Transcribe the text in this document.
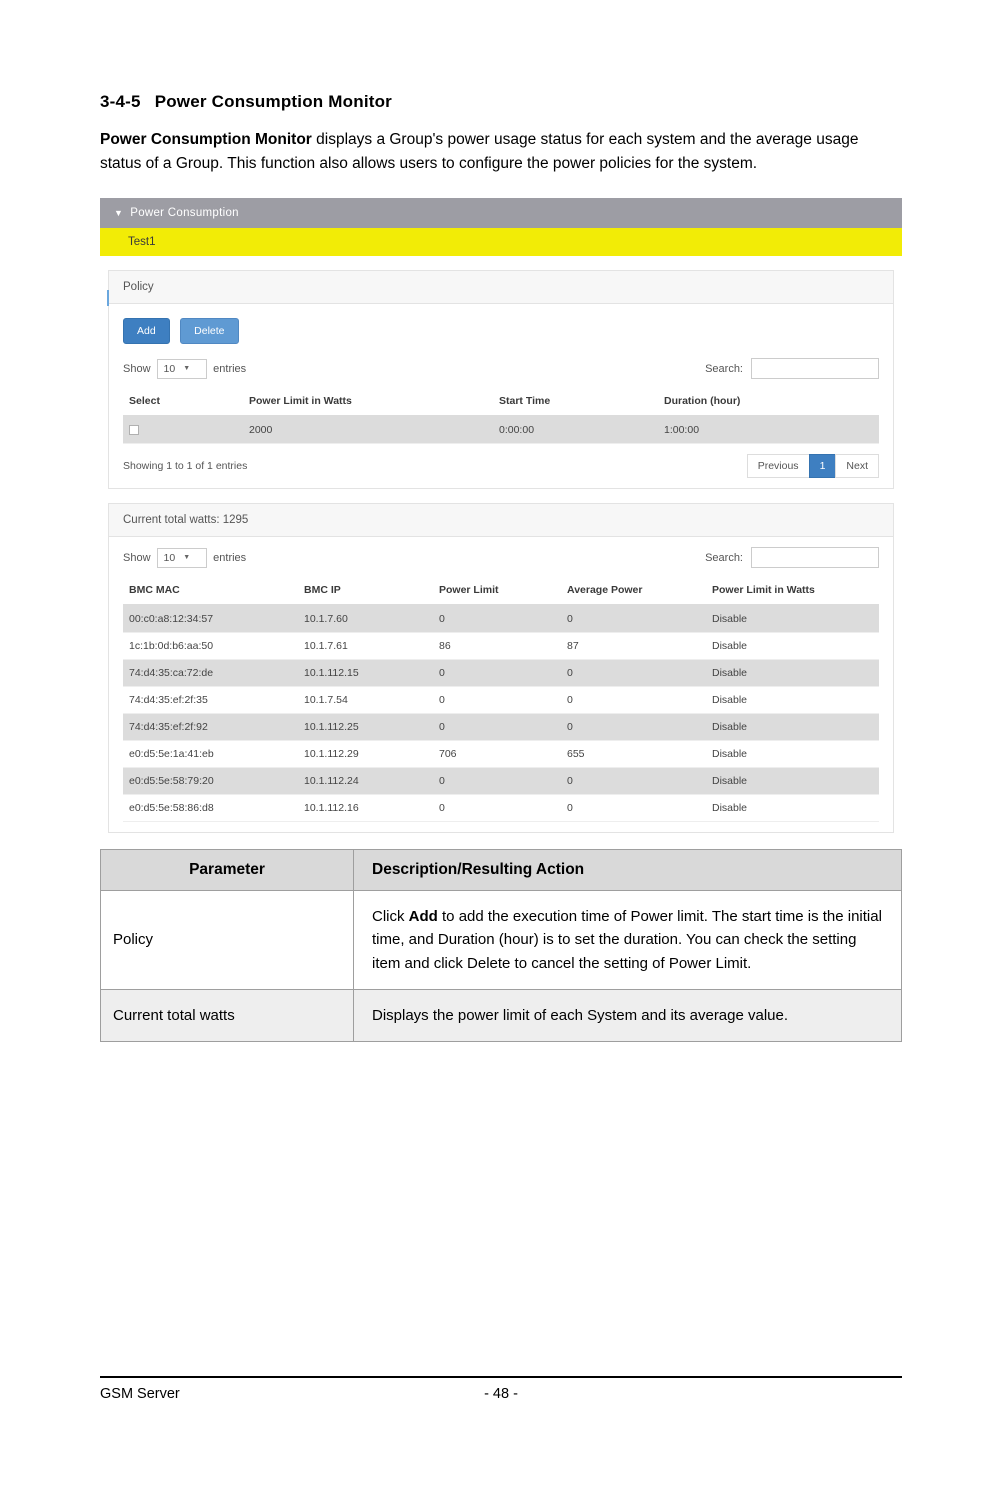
3-4-5 Power Consumption Monitor

Power Consumption Monitor displays a Group's power usage status for each system and the average usage status of a Group. This function also allows users to configure the power policies for the system.

▼ Power Consumption
Test1
Policy
Add	Delete
Show 10 ▼ entries	Search:
Select	Power Limit in Watts	Start Time	Duration (hour)
	2000	0:00:00	1:00:00
Showing 1 to 1 of 1 entries	Previous	1	Next
Current total watts: 1295
Show 10 ▼ entries	Search:
BMC MAC	BMC IP	Power Limit	Average Power	Power Limit in Watts
00:c0:a8:12:34:57	10.1.7.60	0	0	Disable
1c:1b:0d:b6:aa:50	10.1.7.61	86	87	Disable
74:d4:35:ca:72:de	10.1.112.15	0	0	Disable
74:d4:35:ef:2f:35	10.1.7.54	0	0	Disable
74:d4:35:ef:2f:92	10.1.112.25	0	0	Disable
e0:d5:5e:1a:41:eb	10.1.112.29	706	655	Disable
e0:d5:5e:58:79:20	10.1.112.24	0	0	Disable
e0:d5:5e:58:86:d8	10.1.112.16	0	0	Disable
Parameter	Description/Resulting Action
Policy	Click Add to add the execution time of Power limit. The start time is the initial time, and Duration (hour) is to set the duration. You can check the setting item and click Delete to cancel the setting of Power Limit.
Current total watts	Displays the power limit of each System and its average value.
GSM Server	- 48 -
